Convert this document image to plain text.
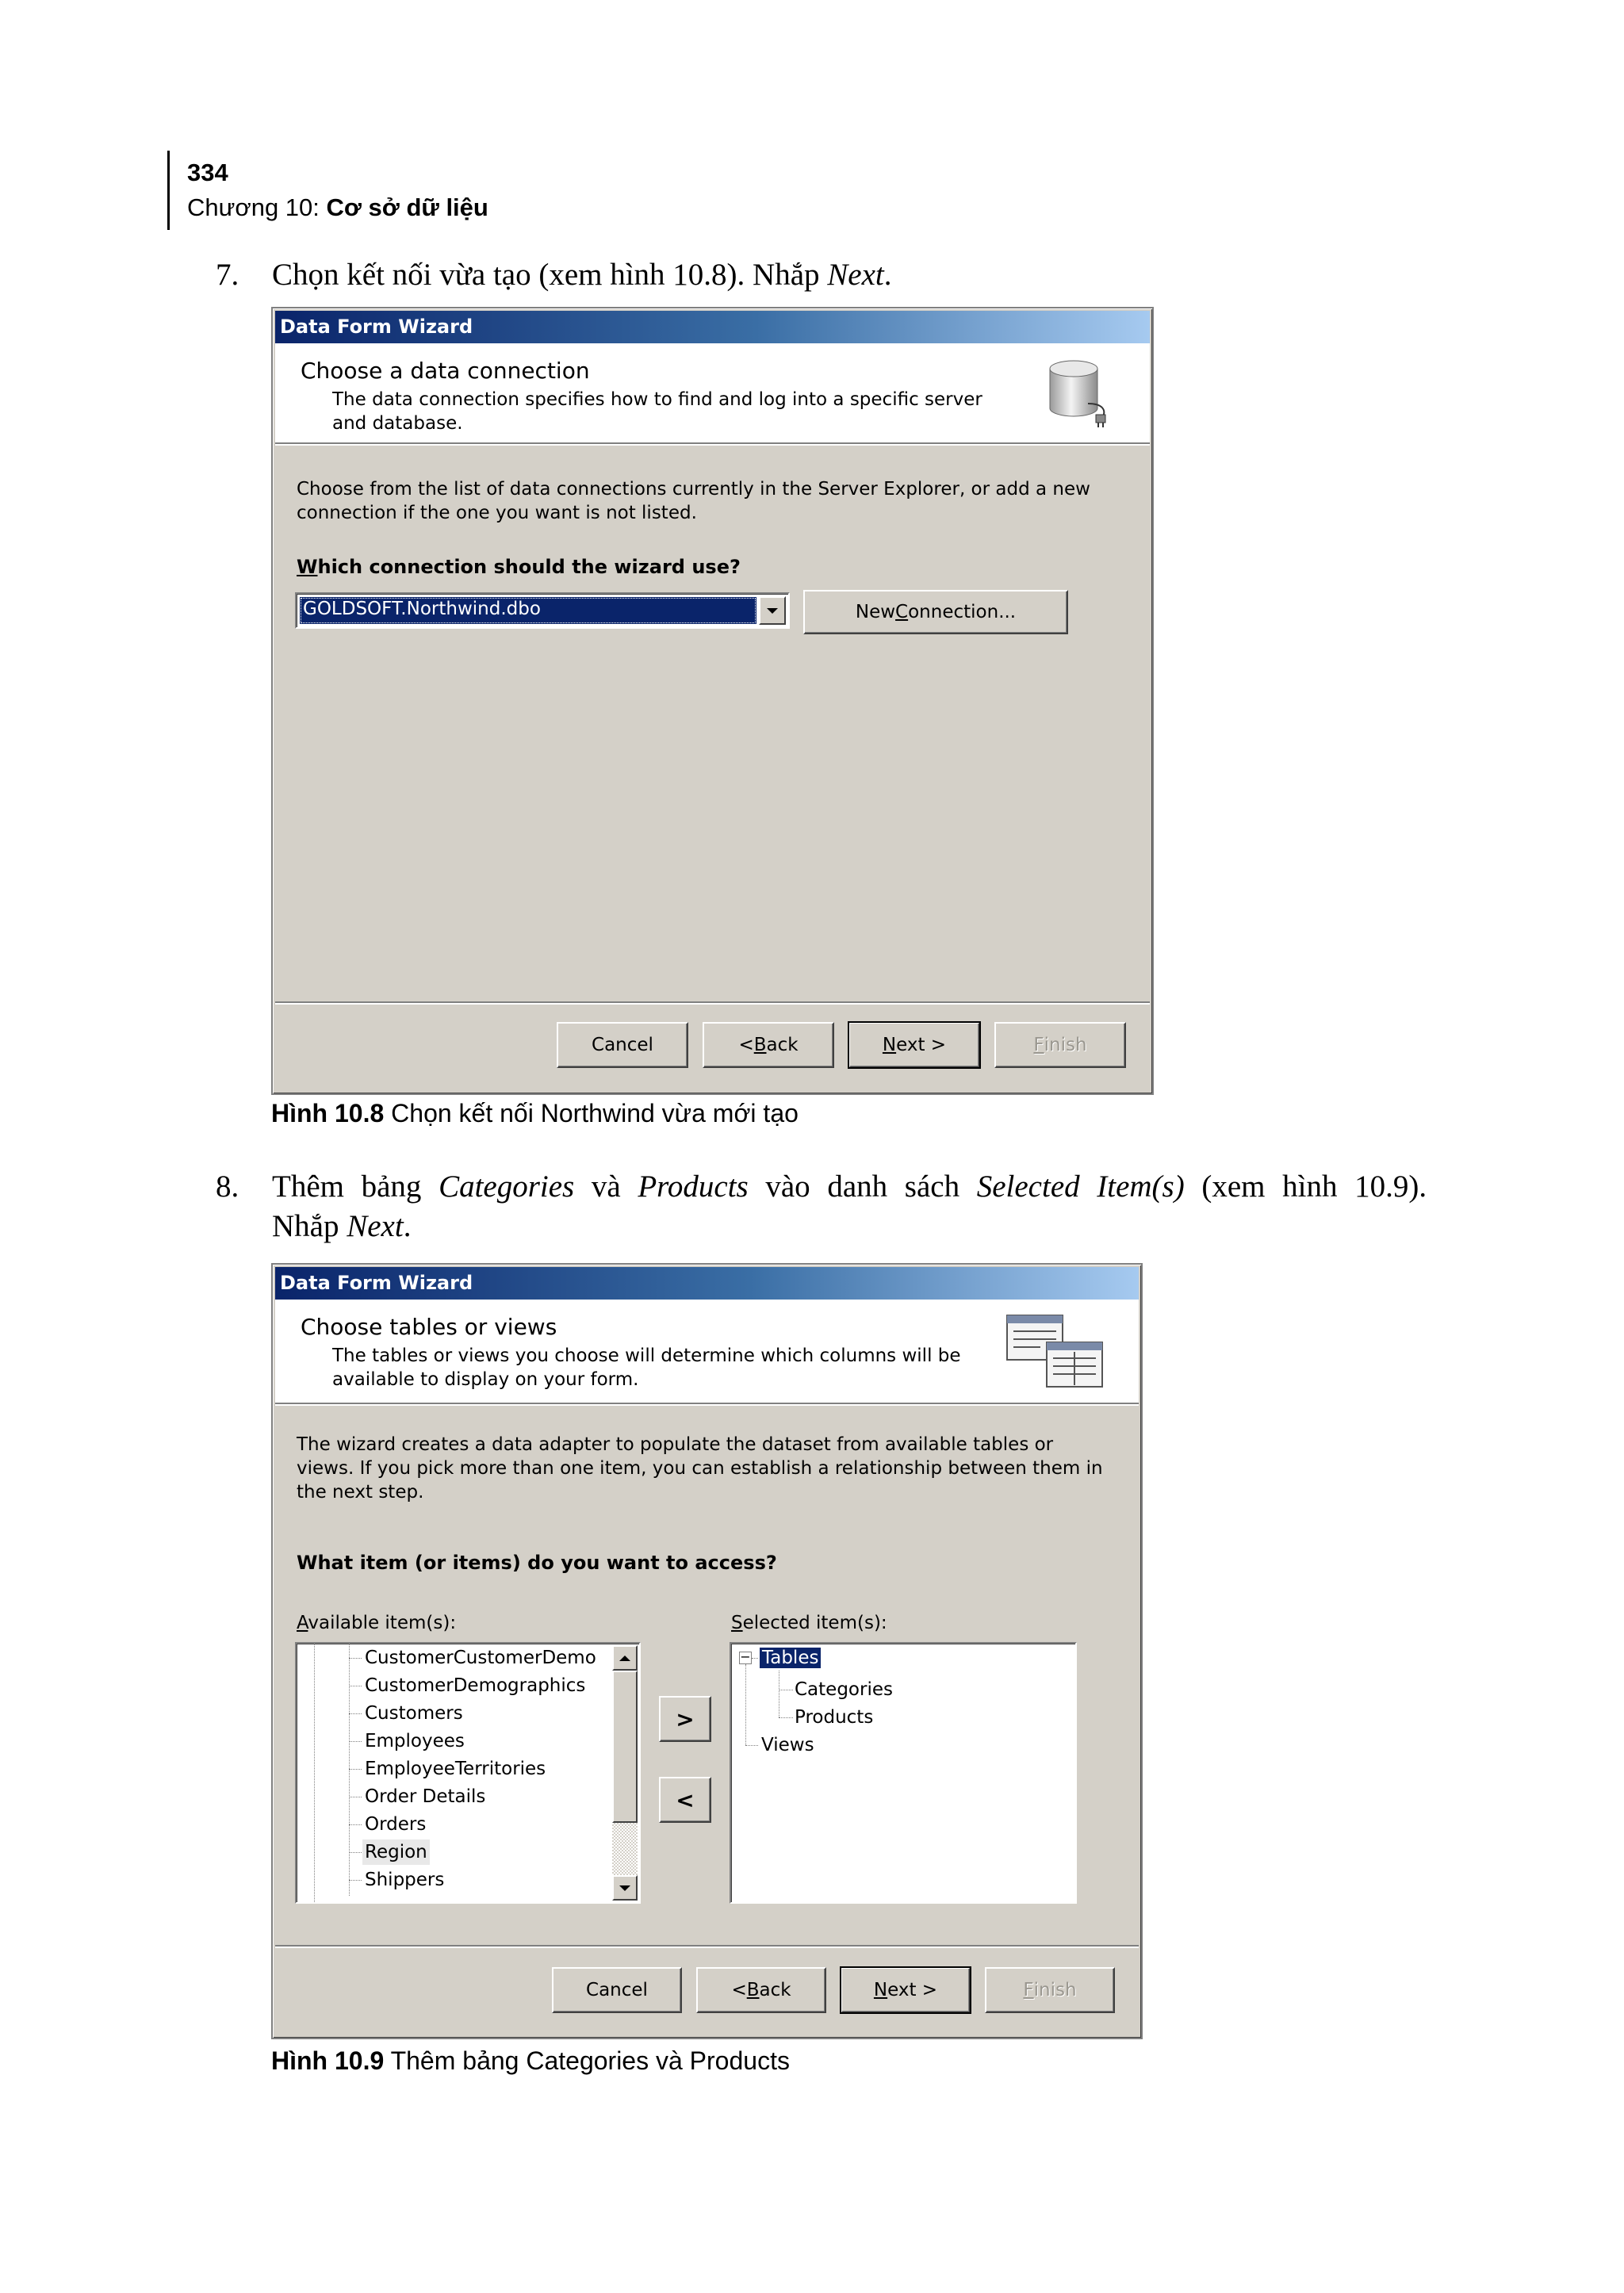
334
Chương 10: Cơ sở dữ liệu
7. Chọn kết nối vừa tạo (xem hình 10.8). Nhắp Next.
Data Form Wizard
Choose a data connection
The data connection specifies how to find and log into a specific server
and database.
Choose from the list of data connections currently in the Server Explorer, or add a new
connection if the one you want is not listed.
Which connection should the wizard use?
GOLDSOFT.Northwind.dbo	New C onnection...
Cancel	< B ack	N ext >	F inish
Hình 10.8 Chọn kết nối Northwind vừa mới tạo
8. Thêm bảng Categories và Products vào danh sách Selected Item(s) (xem hình 10.9).
Nhắp Next.
Data Form Wizard
Choose tables or views
The tables or views you choose will determine which columns will be
available to display on your form.
The wizard creates a data adapter to populate the dataset from available tables or
views. If you pick more than one item, you can establish a relationship between them in
the next step.
What item (or items) do you want to access?
Available item(s):	Selected item(s):
CustomerCustomerDemo
CustomerDemographics
Customers
Employees
EmployeeTerritories
Order Details
Orders
Region
Shippers
>
<
− Tables
Categories
Products
Views
Cancel	< B ack	N ext >	F inish
Hình 10.9 Thêm bảng Categories và Products
